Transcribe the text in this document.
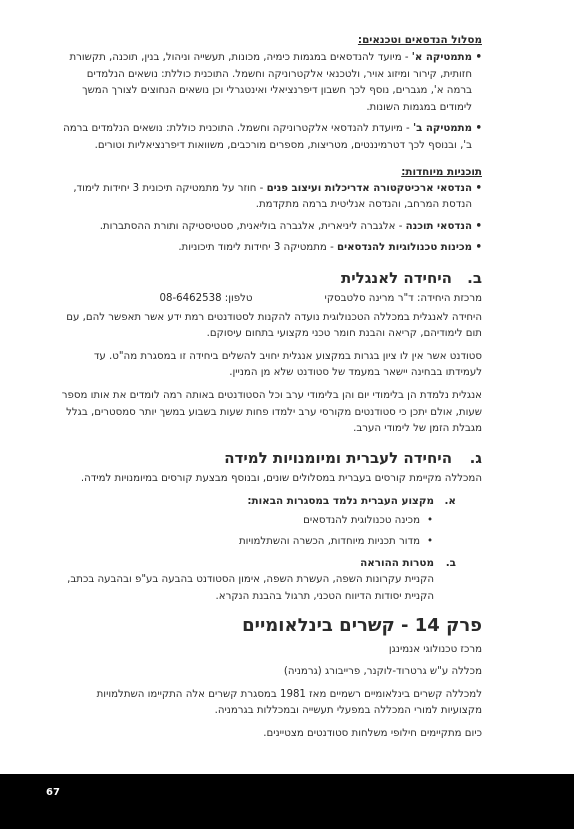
מסלול הנדסאים וטכנאים:

•
מתמטיקה א' - מיועד להנדסאים במגמות כימיה, מכונות, תעשייה וניהול, בנין, תוכנה, תקשורת חזותית, קירור ומיזוג אויר, ולטכנאי אלקטרוניקה וחשמל. התוכנית כוללת: נושאים הנלמדים ברמה א', מגברים, נוסף לכך חשבון דיפרנציאלי ואינטגרלי וכן נושאים הנחוצים לצורך המשך לימודים במגמות השונות.
•
מתמטיקה ב' - מיועדת להנדסאי אלקטרוניקה וחשמל. התוכנית כוללת: נושאים הנלמדים ברמה ב', ובנוסף לכך דטרמיננטים, מטריצות, מספרים מורכבים, משוואות דיפרנציאליות וטורים.

תוכניות מיוחדות:

•
הנדסאי ארכיטקטורה אדריכלות ועיצוב פנים - חוזר על מתמטיקה תיכונית 3 יחידות לימוד, הנדסת המרחב, והנדסה אנליטית ברמה מתקדמת.
•
הנדסאי תוכנה - אלגברה ליניארית, אלגברה בוליאנית, סטטיסטיקה ותורת ההסתברות.
•
מכינות טכנולוגיות להנדסאים - מתמטיקה 3 יחידות לימוד תיכוניות.
ב.
היחידה לאנגלית
מרכזת היחידה: ד"ר מרינה סלטבסקי
טלפון: 08-6462538

היחידה לאנגלית במכללה הטכנולוגית נועדה להקנות לסטודנטים רמת ידע אשר תאפשר להם, עם תום לימודיהם, קריאה והבנת חומר טכני מקצועי בתחום עיסוקם.

סטודנט אשר אין לו ציון בגרות במקצוע אנגלית יחויב להשלים ביחידה זו במסגרת מה"ט. עד לעמידתו בבחינה יישאר במעמד של סטודנט שלא מן המניין.

אנגלית נלמדת הן בלימודי יום והן בלימודי ערב וכל הסטודנטים באותה רמה לומדים את אותו מספר שעות, אולם יתכן כי סטודנטים מקורסי ערב ילמדו פחות שעות בשבוע במשך יותר סמסטרים, בגלל מגבלת הזמן של לימודי הערב.

ג.
היחידה לעברית ומיומנויות למידה

המכללה מקיימת קורסים בעברית במסלולים שונים, ובנוסף מבצעת קורסים במיומנויות למידה.

א.
מקצוע העברית נלמד במסגרות הבאות:
•
מכינה טכנולוגית להנדסאים
•
מדור תכניות מיוחדות, הכשרה והשתלמויות
ב.
מטרות ההוראה

הקניית עקרונות השפה, העשרת השפה, אימון הסטודנט בהבעה בע"פ ובהבעה בכתב, הקניית יסודות הדיווח הטכני, תרגול בהבנת הנקרא.

פרק 14 - קשרים בינלאומיים

מרכז טכנולוגי אנמינגן

מכללה ע"ש גרטרוד-לוקנר, פרייבורג (גרמניה)

למכללה קשרים בינלאומיים רשמיים מאז 1981 במסגרת קשרים אלה התקיימו השתלמויות מקצועיות למורי המכללה במפעלי תעשייה ובמכללות בגרמניה.

כיום מתקיימים חילופי משלחות סטודנטים מצטיינים.

67
